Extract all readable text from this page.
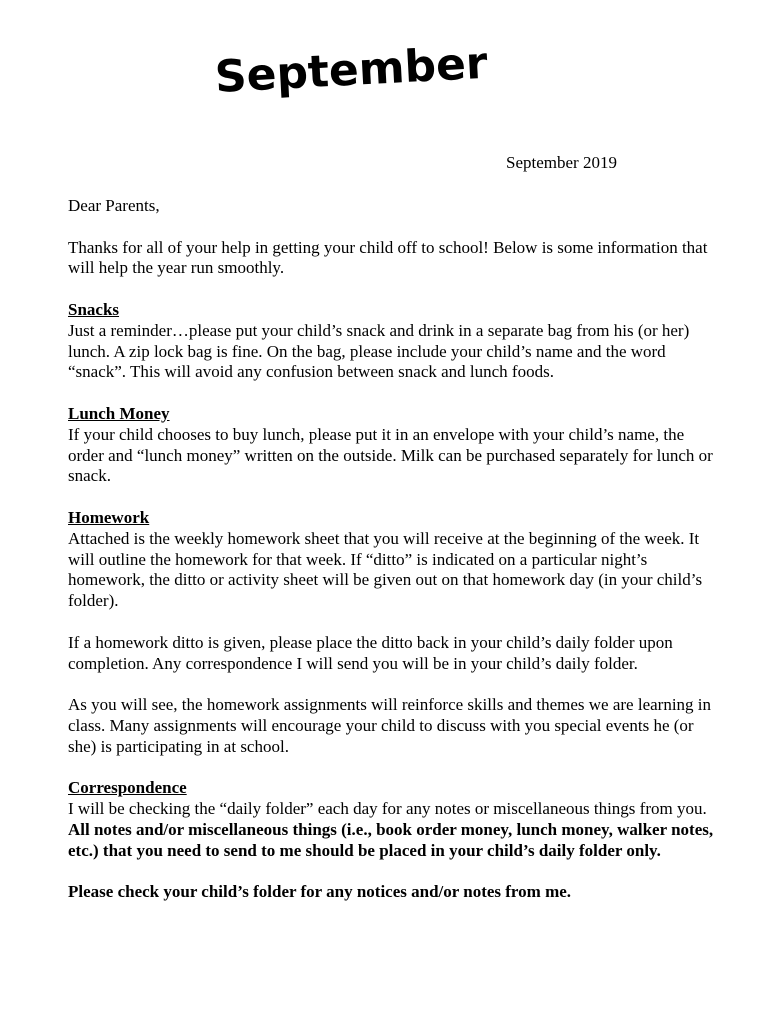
September
September 2019

Dear Parents,

Thanks for all of your help in getting your child off to school! Below is some information that will help the year run smoothly.

Snacks
Just a reminder…please put your child’s snack and drink in a separate bag from his (or her) lunch. A zip lock bag is fine. On the bag, please include your child’s name and the word “snack”. This will avoid any confusion between snack and lunch foods.

Lunch Money
If your child chooses to buy lunch, please put it in an envelope with your child’s name, the order and “lunch money” written on the outside. Milk can be purchased separately for lunch or snack.

Homework
Attached is the weekly homework sheet that you will receive at the beginning of the week. It will outline the homework for that week. If “ditto” is indicated on a particular night’s homework, the ditto or activity sheet will be given out on that homework day (in your child’s folder).

If a homework ditto is given, please place the ditto back in your child’s daily folder upon completion. Any correspondence I will send you will be in your child’s daily folder.

As you will see, the homework assignments will reinforce skills and themes we are learning in class. Many assignments will encourage your child to discuss with you special events he (or she) is participating in at school.

Correspondence
I will be checking the “daily folder” each day for any notes or miscellaneous things from you. All notes and/or miscellaneous things (i.e., book order money, lunch money, walker notes, etc.) that you need to send to me should be placed in your child’s daily folder only.

Please check your child’s folder for any notices and/or notes from me.
